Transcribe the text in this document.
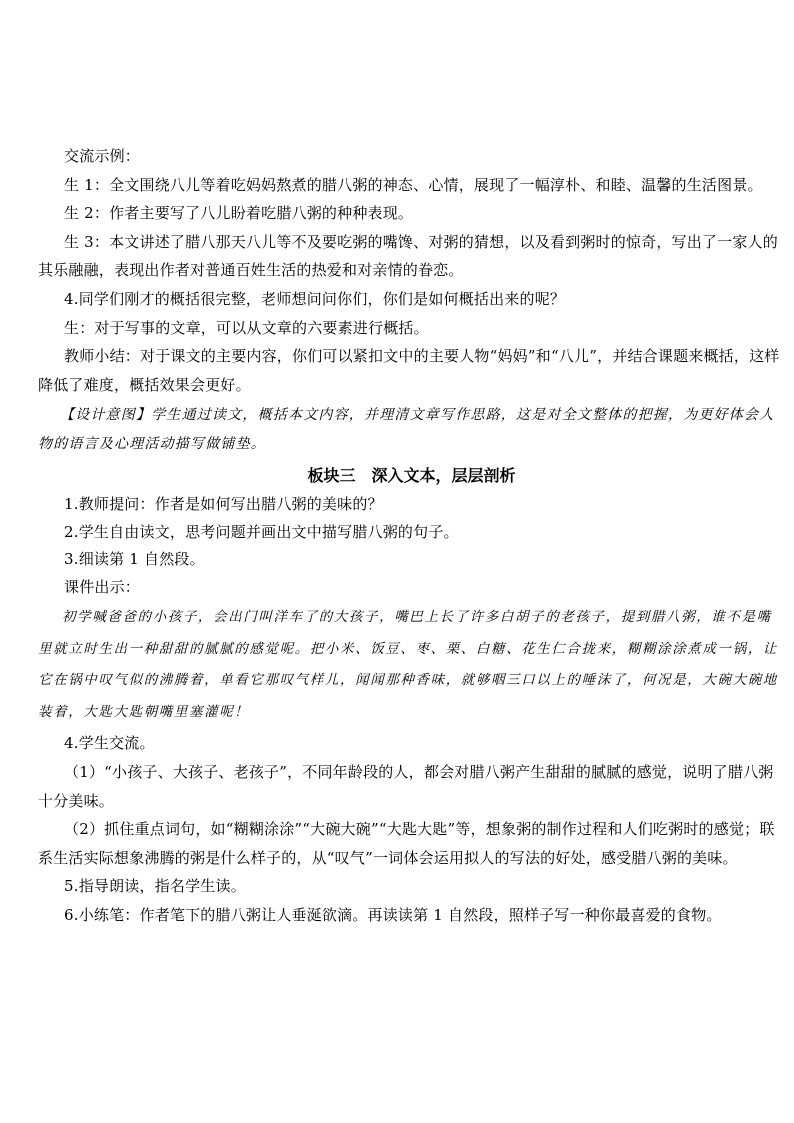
交流示例：

生 1：全文围绕八儿等着吃妈妈熬煮的腊八粥的神态、心情，展现了一幅淳朴、和睦、温馨的生活图景。

生 2：作者主要写了八儿盼着吃腊八粥的种种表现。

生 3：本文讲述了腊八那天八儿等不及要吃粥的嘴馋、对粥的猜想，以及看到粥时的惊奇，写出了一家人的其乐融融，表现出作者对普通百姓生活的热爱和对亲情的眷恋。

4.同学们刚才的概括很完整，老师想问问你们，你们是如何概括出来的呢？

生：对于写事的文章，可以从文章的六要素进行概括。

教师小结：对于课文的主要内容，你们可以紧扣文中的主要人物“妈妈”和“八儿”，并结合课题来概括，这样降低了难度，概括效果会更好。

【设计意图】学生通过读文，概括本文内容，并理清文章写作思路，这是对全文整体的把握，为更好体会人物的语言及心理活动描写做铺垫。

板块三　深入文本，层层剖析

1.教师提问：作者是如何写出腊八粥的美味的？

2.学生自由读文，思考问题并画出文中描写腊八粥的句子。

3.细读第 1 自然段。

课件出示：

初学喊爸爸的小孩子，会出门叫洋车了的大孩子，嘴巴上长了许多白胡子的老孩子，提到腊八粥，谁不是嘴里就立时生出一种甜甜的腻腻的感觉呢。把小米、饭豆、枣、栗、白糖、花生仁合拢来，糊糊涂涂煮成一锅，让它在锅中叹气似的沸腾着，单看它那叹气样儿，闻闻那种香味，就够咽三口以上的唾沫了，何况是，大碗大碗地装着，大匙大匙朝嘴里塞灌呢！

4.学生交流。

（1）“小孩子、大孩子、老孩子”，不同年龄段的人，都会对腊八粥产生甜甜的腻腻的感觉，说明了腊八粥十分美味。

（2）抓住重点词句，如“糊糊涂涂”“大碗大碗”“大匙大匙”等，想象粥的制作过程和人们吃粥时的感觉；联系生活实际想象沸腾的粥是什么样子的，从“叹气”一词体会运用拟人的写法的好处，感受腊八粥的美味。

5.指导朗读，指名学生读。

6.小练笔：作者笔下的腊八粥让人垂涎欲滴。再读读第 1 自然段，照样子写一种你最喜爱的食物。
